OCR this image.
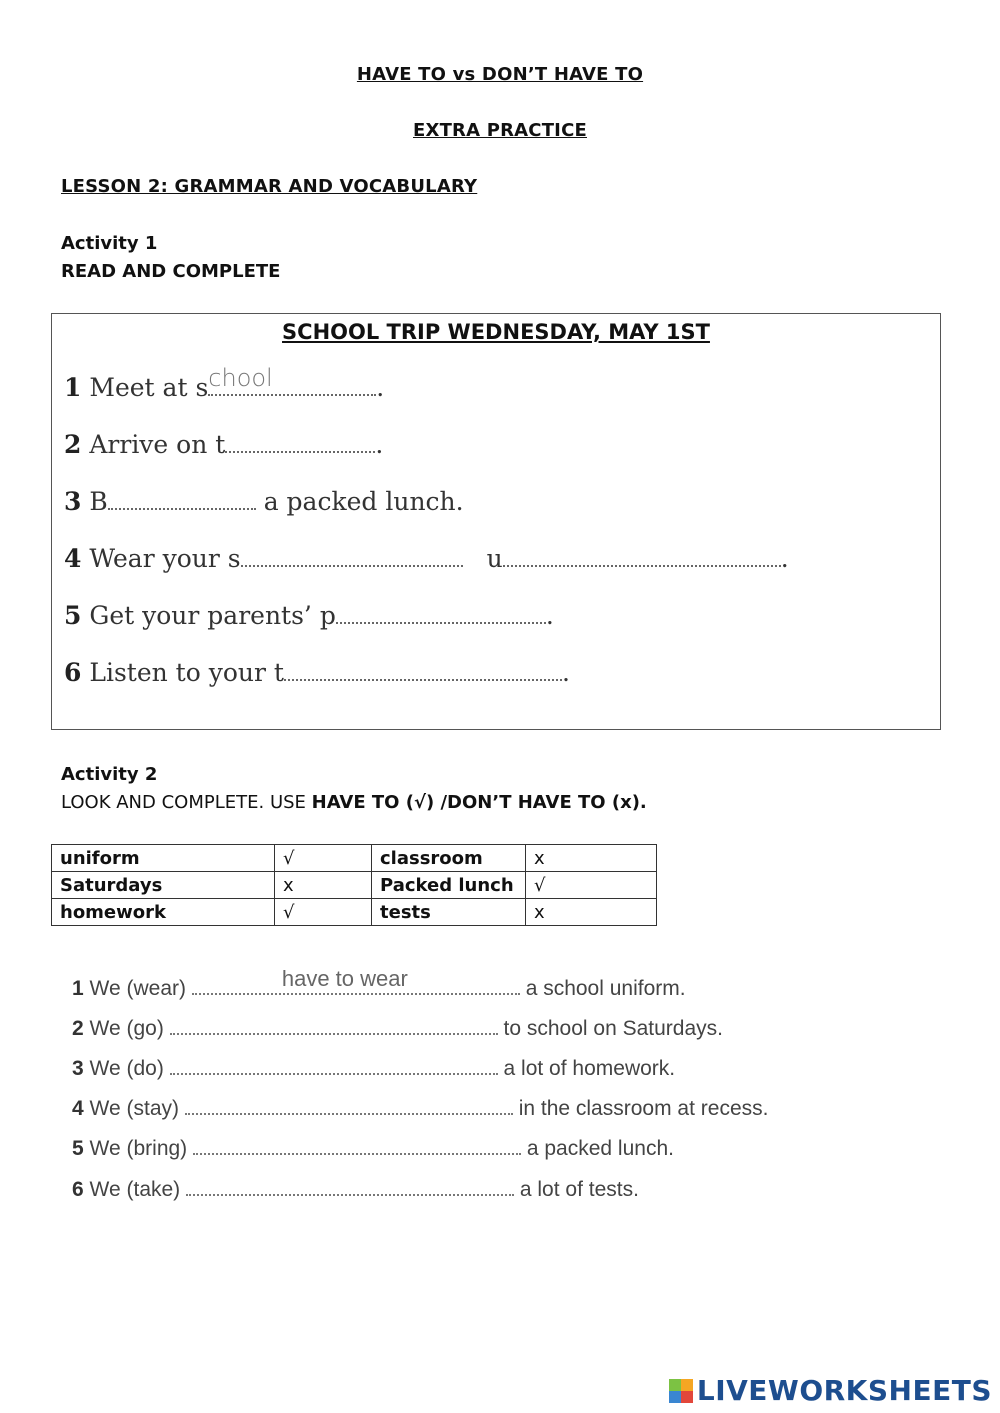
HAVE TO vs DON’T HAVE TO
EXTRA PRACTICE
LESSON 2: GRAMMAR AND VOCABULARY
Activity 1
READ AND COMPLETE
SCHOOL TRIP WEDNESDAY, MAY 1ST
1 Meet at s chool	.
2 Arrive on t	.
3 B	a packed lunch.
4 Wear your s	u	.
5 Get your parents’ p	.
6 Listen to your t	.
Activity 2
LOOK AND COMPLETE. USE HAVE TO (√) /DON’T HAVE TO (x).
uniform	√	classroom	x
Saturdays	x	Packed lunch	√
homework	√	tests	x
1 We (wear)	have to wear	a school uniform.
2 We (go)	to school on Saturdays.
3 We (do)	a lot of homework.
4 We (stay)	in the classroom at recess.
5 We (bring)	a packed lunch.
6 We (take)	a lot of tests.
LIVEWORKSHEETS
